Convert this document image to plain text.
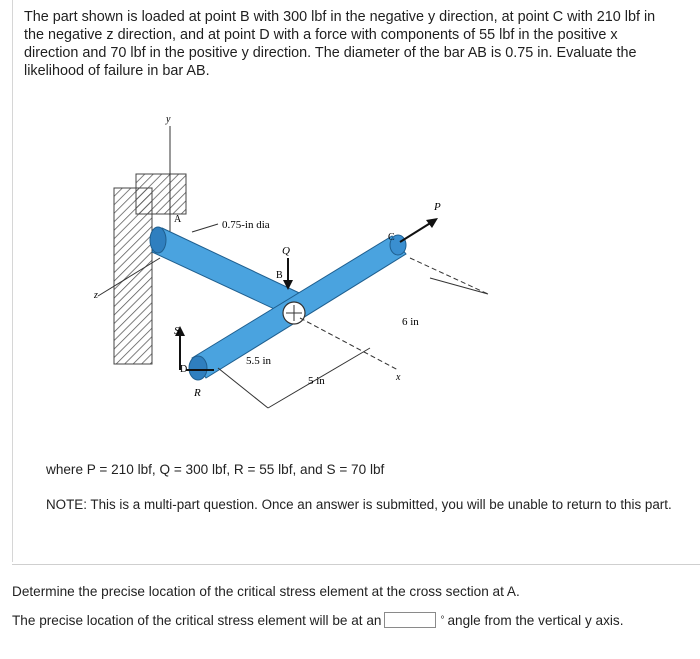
The part shown is loaded at point B with 300 lbf in the negative y direction, at point C with 210 lbf in the negative z direction, and at point D with a force with components of 55 lbf in the positive x direction and 70 lbf in the positive y direction. The diameter of the bar AB is 0.75 in. Evaluate the likelihood of failure in bar AB.
y
z
A	0.75-in dia
B
C
D
Q
P
S
R
x
6 in
5.5 in
5 in
where P = 210 lbf, Q = 300 lbf, R = 55 lbf, and S = 70 lbf
NOTE: This is a multi-part question. Once an answer is submitted, you will be unable to return to this part.
Determine the precise location of the critical stress element at the cross section at A.
The precise location of the critical stress element will be at an	° angle from the vertical y axis.
